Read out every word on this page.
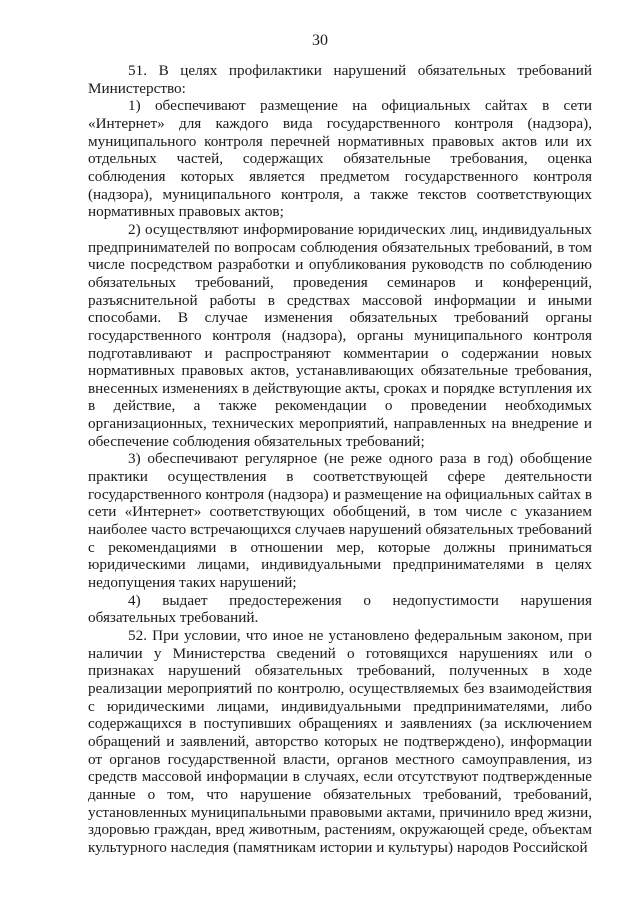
30

51. В целях профилактики нарушений обязательных требований Министерство:

1) обеспечивают размещение на официальных сайтах в сети «Интернет» для каждого вида государственного контроля (надзора), муниципального контроля перечней нормативных правовых актов или их отдельных частей, содержащих обязательные требования, оценка соблюдения которых является предметом государственного контроля (надзора), муниципального контроля, а также текстов соответствующих нормативных правовых актов;

2) осуществляют информирование юридических лиц, индивидуальных предпринимателей по вопросам соблюдения обязательных требований, в том числе посредством разработки и опубликования руководств по соблюдению обязательных требований, проведения семинаров и конференций, разъяснительной работы в средствах массовой информации и иными способами. В случае изменения обязательных требований органы государственного контроля (надзора), органы муниципального контроля подготавливают и распространяют комментарии о содержании новых нормативных правовых актов, устанавливающих обязательные требования, внесенных изменениях в действующие акты, сроках и порядке вступления их в действие, а также рекомендации о проведении необходимых организационных, технических мероприятий, направленных на внедрение и обеспечение соблюдения обязательных требований;

3) обеспечивают регулярное (не реже одного раза в год) обобщение практики осуществления в соответствующей сфере деятельности государственного контроля (надзора) и размещение на официальных сайтах в сети «Интернет» соответствующих обобщений, в том числе с указанием наиболее часто встречающихся случаев нарушений обязательных требований с рекомендациями в отношении мер, которые должны приниматься юридическими лицами, индивидуальными предпринимателями в целях недопущения таких нарушений;

4) выдает предостережения о недопустимости нарушения обязательных требований.

52. При условии, что иное не установлено федеральным законом, при наличии у Министерства сведений о готовящихся нарушениях или о признаках нарушений обязательных требований, полученных в ходе реализации мероприятий по контролю, осуществляемых без взаимодействия с юридическими лицами, индивидуальными предпринимателями, либо содержащихся в поступивших обращениях и заявлениях (за исключением обращений и заявлений, авторство которых не подтверждено), информации от органов государственной власти, органов местного самоуправления, из средств массовой информации в случаях, если отсутствуют подтвержденные данные о том, что нарушение обязательных требований, требований, установленных муниципальными правовыми актами, причинило вред жизни, здоровью граждан, вред животным, растениям, окружающей среде, объектам культурного наследия (памятникам истории и культуры) народов Российской
